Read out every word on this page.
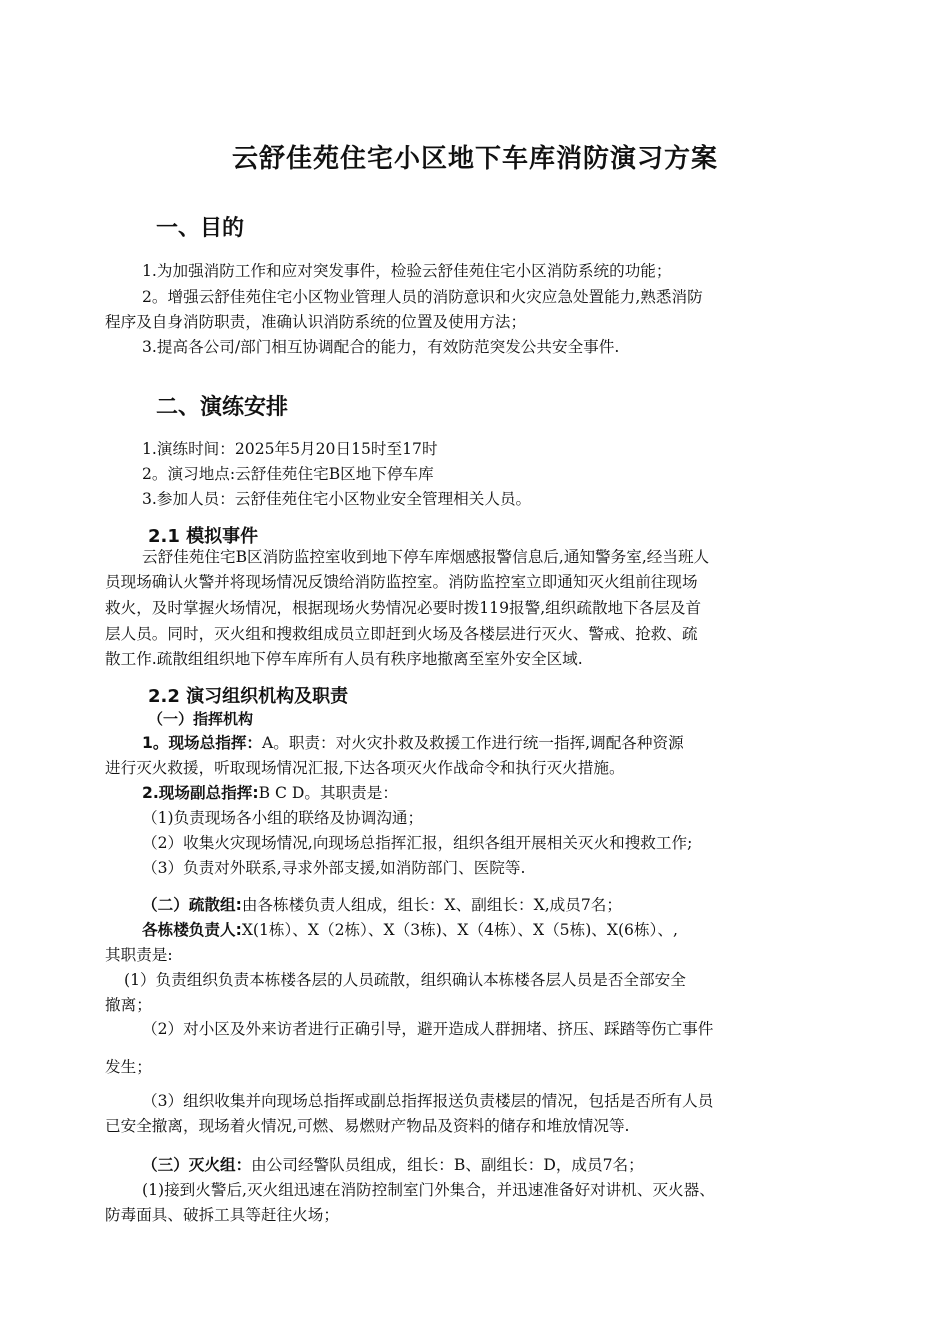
云舒佳苑住宅小区地下车库消防演习方案
一、目的

1.为加强消防工作和应对突发事件，检验云舒佳苑住宅小区消防系统的功能；

2。增强云舒佳苑住宅小区物业管理人员的消防意识和火灾应急处置能力,熟悉消防

程序及自身消防职责，准确认识消防系统的位置及使用方法；

3.提高各公司/部门相互协调配合的能力，有效防范突发公共安全事件.

二、演练安排

1.演练时间：2025年5月20日15时至17时

2。演习地点:云舒佳苑住宅B区地下停车库

3.参加人员：云舒佳苑住宅小区物业安全管理相关人员。

2.1 模拟事件

云舒佳苑住宅B区消防监控室收到地下停车库烟感报警信息后,通知警务室,经当班人

员现场确认火警并将现场情况反馈给消防监控室。消防监控室立即通知灭火组前往现场

救火，及时掌握火场情况，根据现场火势情况必要时拨119报警,组织疏散地下各层及首

层人员。同时，灭火组和搜救组成员立即赶到火场及各楼层进行灭火、警戒、抢救、疏

散工作.疏散组组织地下停车库所有人员有秩序地撤离至室外安全区域.

2.2 演习组织机构及职责
（一）指挥机构

1。现场总指挥：A。职责：对火灾扑救及救援工作进行统一指挥,调配各种资源

进行灭火救援，听取现场情况汇报,下达各项灭火作战命令和执行灭火措施。

2.现场副总指挥:B C D。其职责是：

（1)负责现场各小组的联络及协调沟通；

（2）收集火灾现场情况,向现场总指挥汇报，组织各组开展相关灭火和搜救工作;

（3）负责对外联系,寻求外部支援,如消防部门、医院等.

（二）疏散组:由各栋楼负责人组成，组长：X、副组长：X,成员7名；

各栋楼负责人:X(1栋）、X（2栋）、X（3栋)、X（4栋）、X（5栋)、X(6栋）、,

其职责是:

(1）负责组织负责本栋楼各层的人员疏散，组织确认本栋楼各层人员是否全部安全

撤离；

（2）对小区及外来访者进行正确引导，避开造成人群拥堵、挤压、踩踏等伤亡事件

发生；

（3）组织收集并向现场总指挥或副总指挥报送负责楼层的情况，包括是否所有人员

已安全撤离，现场着火情况,可燃、易燃财产物品及资料的储存和堆放情况等.

（三）灭火组：由公司经警队员组成，组长：B、副组长：D，成员7名；

(1)接到火警后,灭火组迅速在消防控制室门外集合，并迅速准备好对讲机、灭火器、

防毒面具、破拆工具等赶往火场；
